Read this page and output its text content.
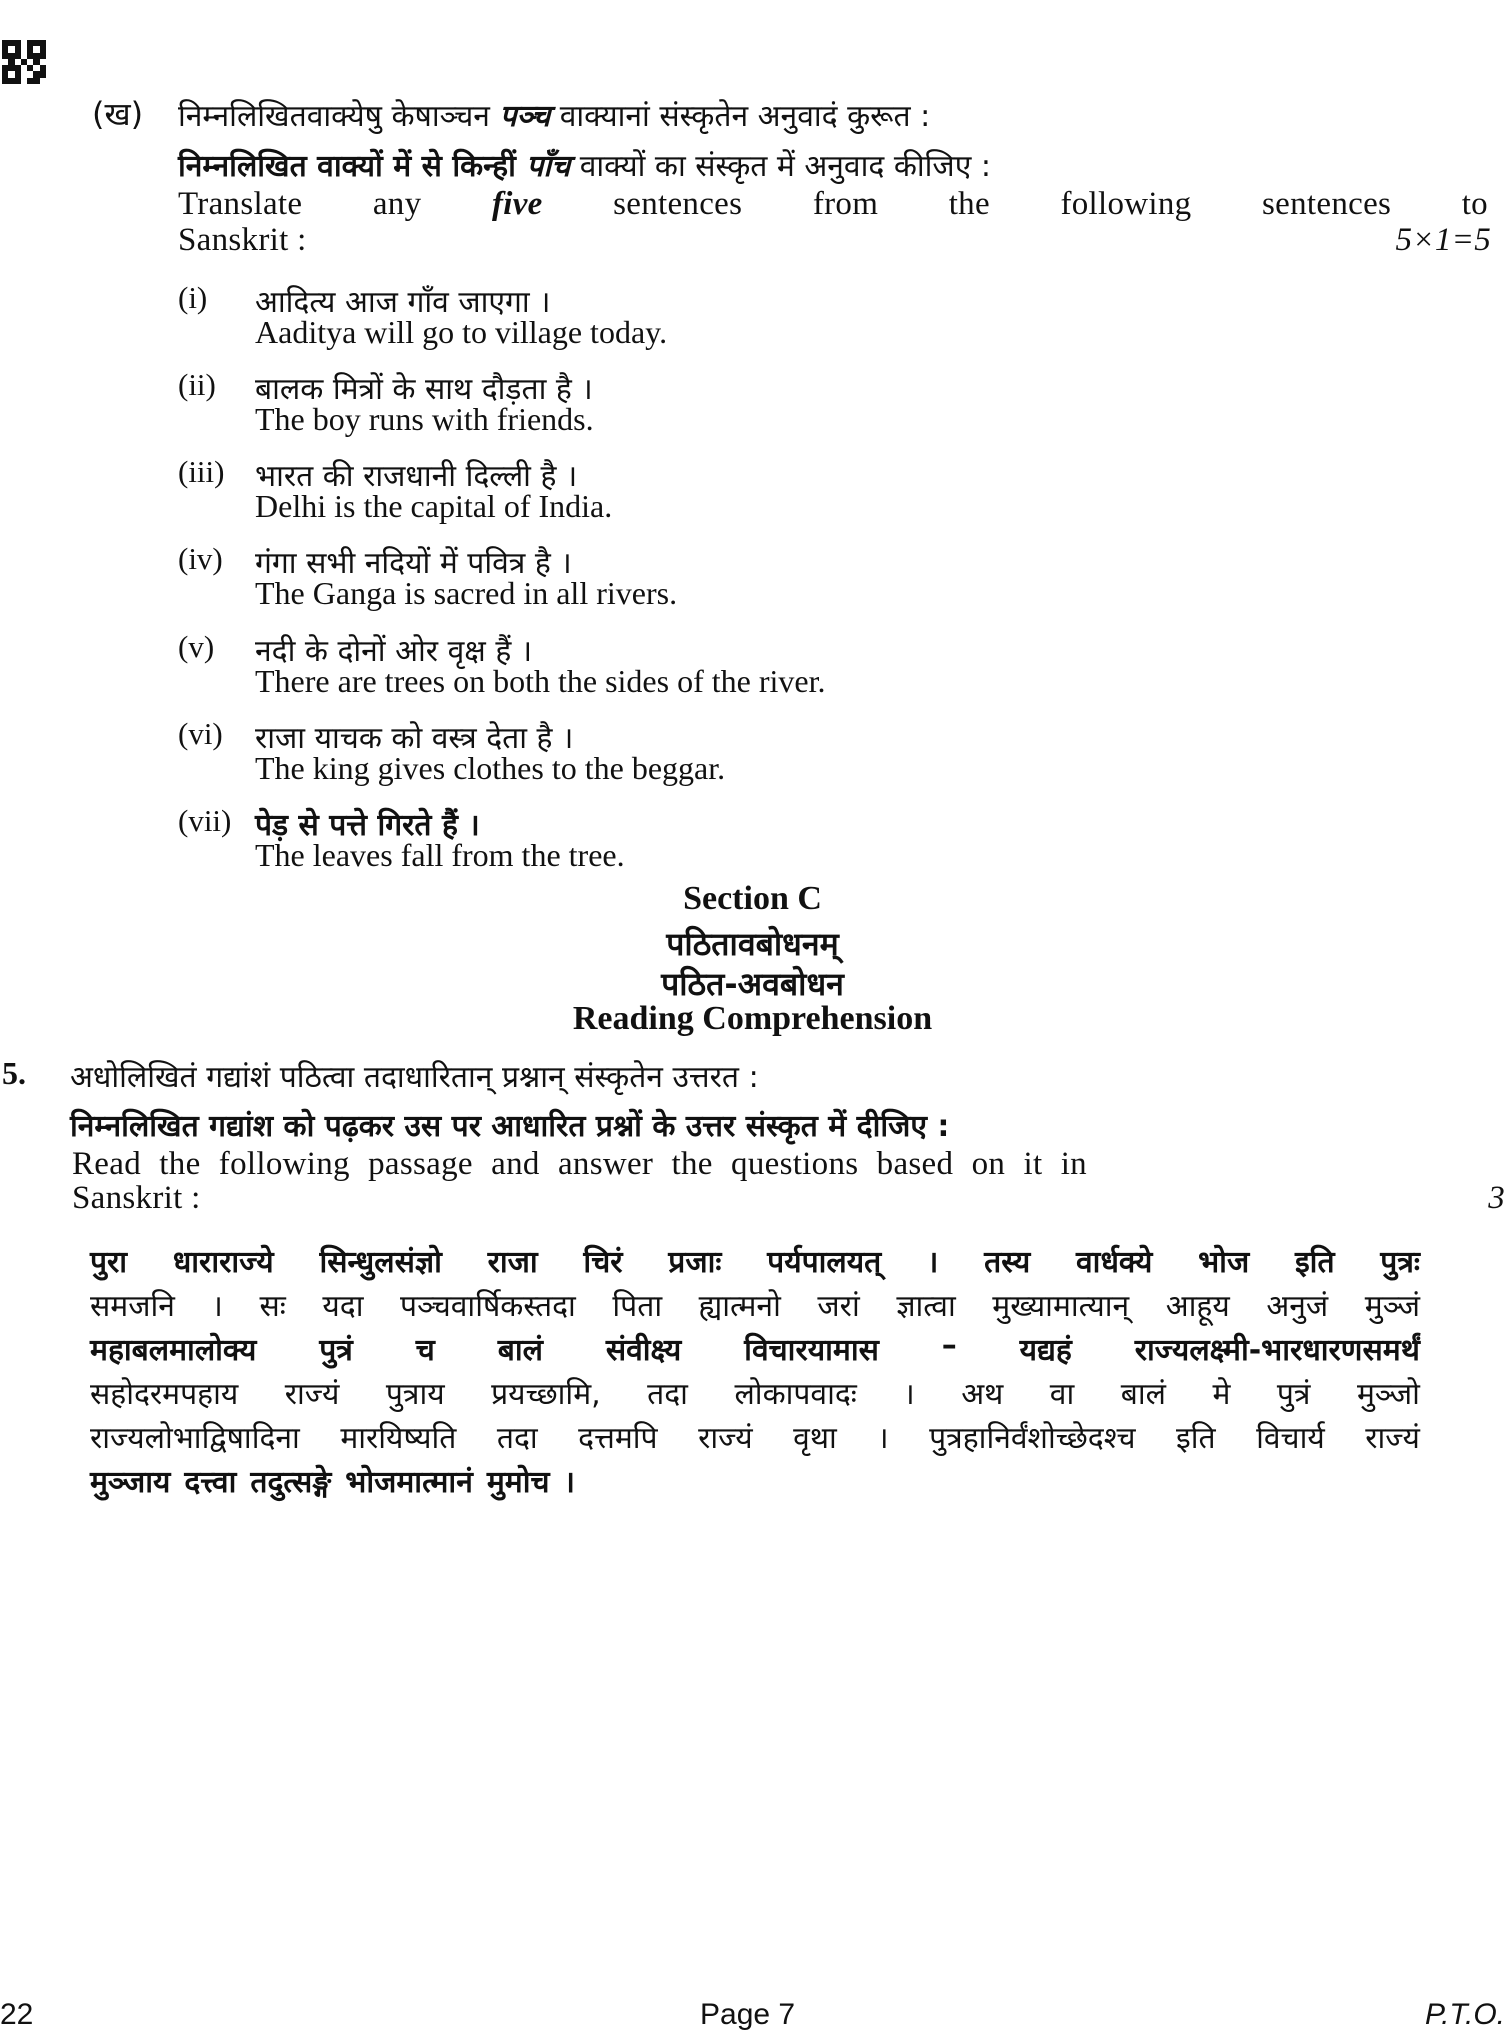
(ख) निम्नलिखितवाक्येषु केषाञ्चन पञ्च वाक्यानां संस्कृतेन अनुवादं कुरूत :
निम्नलिखित वाक्यों में से किन्हीं पाँच वाक्यों का संस्कृत में अनुवाद कीजिए :
Translate any five sentences from the following sentences to
Sanskrit :	5×1=5
(i) आदित्य आज गाँव जाएगा ।
Aaditya will go to village today.
(ii) बालक मित्रों के साथ दौड़ता है ।
The boy runs with friends.
(iii) भारत की राजधानी दिल्ली है ।
Delhi is the capital of India.
(iv) गंगा सभी नदियों में पवित्र है ।
The Ganga is sacred in all rivers.
(v) नदी के दोनों ओर वृक्ष हैं ।
There are trees on both the sides of the river.
(vi) राजा याचक को वस्त्र देता है ।
The king gives clothes to the beggar.
(vii) पेड़ से पत्ते गिरते हैं ।
The leaves fall from the tree.
Section C
पठितावबोधनम्
पठित-अवबोधन
Reading Comprehension
5. अधोलिखितं गद्यांशं पठित्वा तदाधारितान् प्रश्नान् संस्कृतेन उत्तरत :
निम्नलिखित गद्यांश को पढ़कर उस पर आधारित प्रश्नों के उत्तर संस्कृत में दीजिए :
Read the following passage and answer the questions based on it in
Sanskrit :	3
पुरा धाराराज्ये सिन्धुलसंज्ञो राजा चिरं प्रजाः पर्यपालयत् । तस्य वार्धक्ये भोज इति पुत्रः
समजनि । सः यदा पञ्चवार्षिकस्तदा पिता ह्यात्मनो जरां ज्ञात्वा मुख्यामात्यान् आहूय अनुजं मुञ्जं
महाबलमालोक्य पुत्रं च बालं संवीक्ष्य विचारयामास – यद्यहं राज्यलक्ष्मी-भारधारणसमर्थं
सहोदरमपहाय राज्यं पुत्राय प्रयच्छामि, तदा लोकापवादः । अथ वा बालं मे पुत्रं मुञ्जो
राज्यलोभाद्विषादिना मारयिष्यति तदा दत्तमपि राज्यं वृथा । पुत्रहानिर्वंशोच्छेदश्च इति विचार्य राज्यं
मुञ्जाय दत्त्वा तदुत्सङ्गे भोजमात्मानं मुमोच ।
22	Page 7	P.T.O.
